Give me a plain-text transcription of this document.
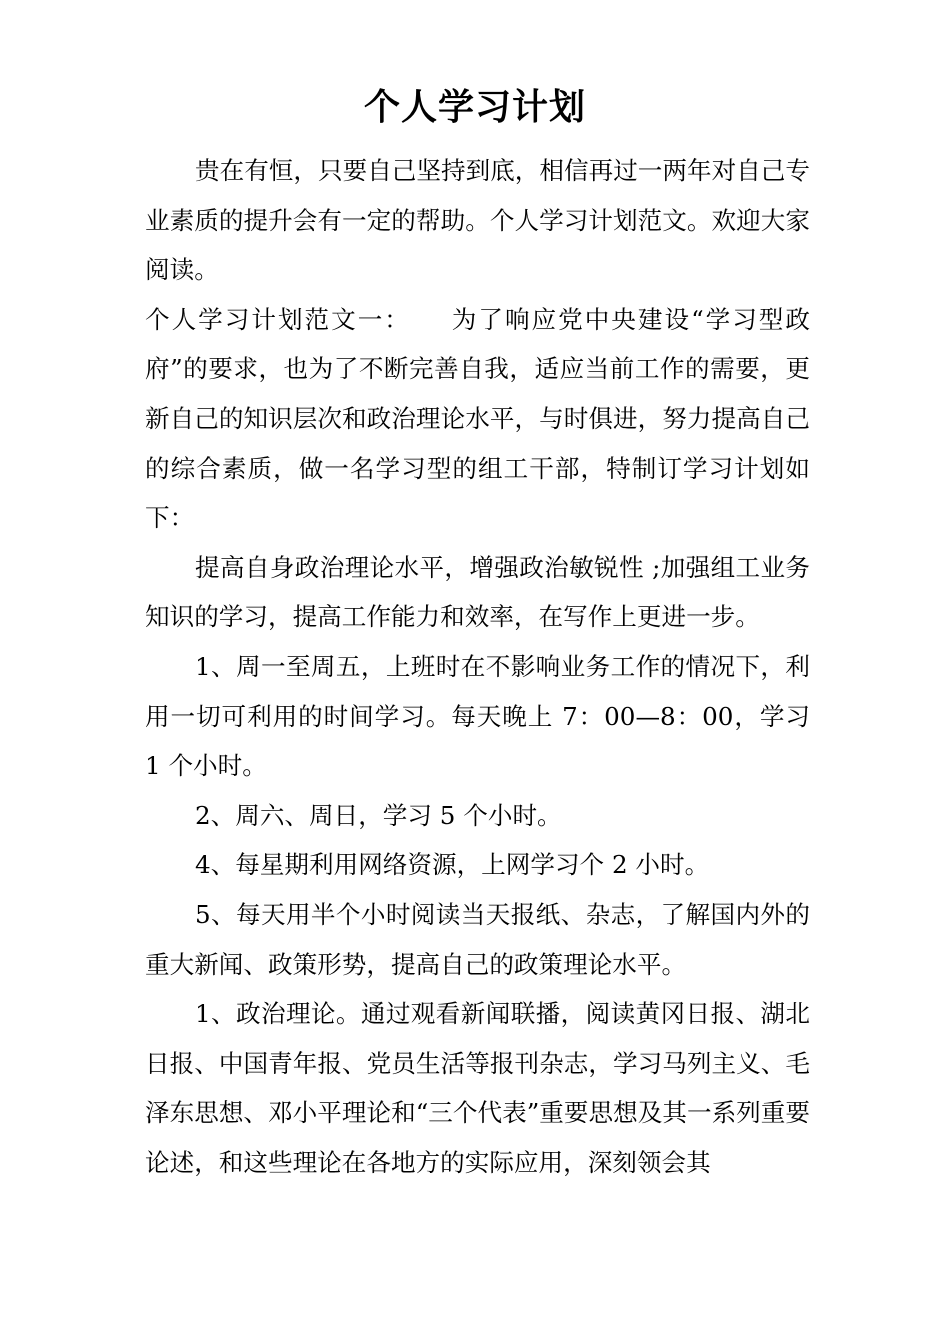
个人学习计划

贵在有恒，只要自己坚持到底，相信再过一两年对自己专业素质的提升会有一定的帮助。个人学习计划范文。欢迎大家阅读。

个人学习计划范文一：　　为了响应党中央建设“学习型政府”的要求，也为了不断完善自我，适应当前工作的需要，更新自己的知识层次和政治理论水平，与时俱进，努力提高自己的综合素质，做一名学习型的组工干部，特制订学习计划如下：

提高自身政治理论水平，增强政治敏锐性 ;加强组工业务知识的学习，提高工作能力和效率，在写作上更进一步。

1、周一至周五，上班时在不影响业务工作的情况下，利用一切可利用的时间学习。每天晚上 7：00—8：00，学习 1 个小时。

2、周六、周日，学习 5 个小时。

4、每星期利用网络资源，上网学习个 2 小时。

5、每天用半个小时阅读当天报纸、杂志，了解国内外的重大新闻、政策形势，提高自己的政策理论水平。

1、政治理论。通过观看新闻联播，阅读黄冈日报、湖北日报、中国青年报、党员生活等报刊杂志，学习马列主义、毛泽东思想、邓小平理论和“三个代表”重要思想及其一系列重要论述，和这些理论在各地方的实际应用，深刻领会其
